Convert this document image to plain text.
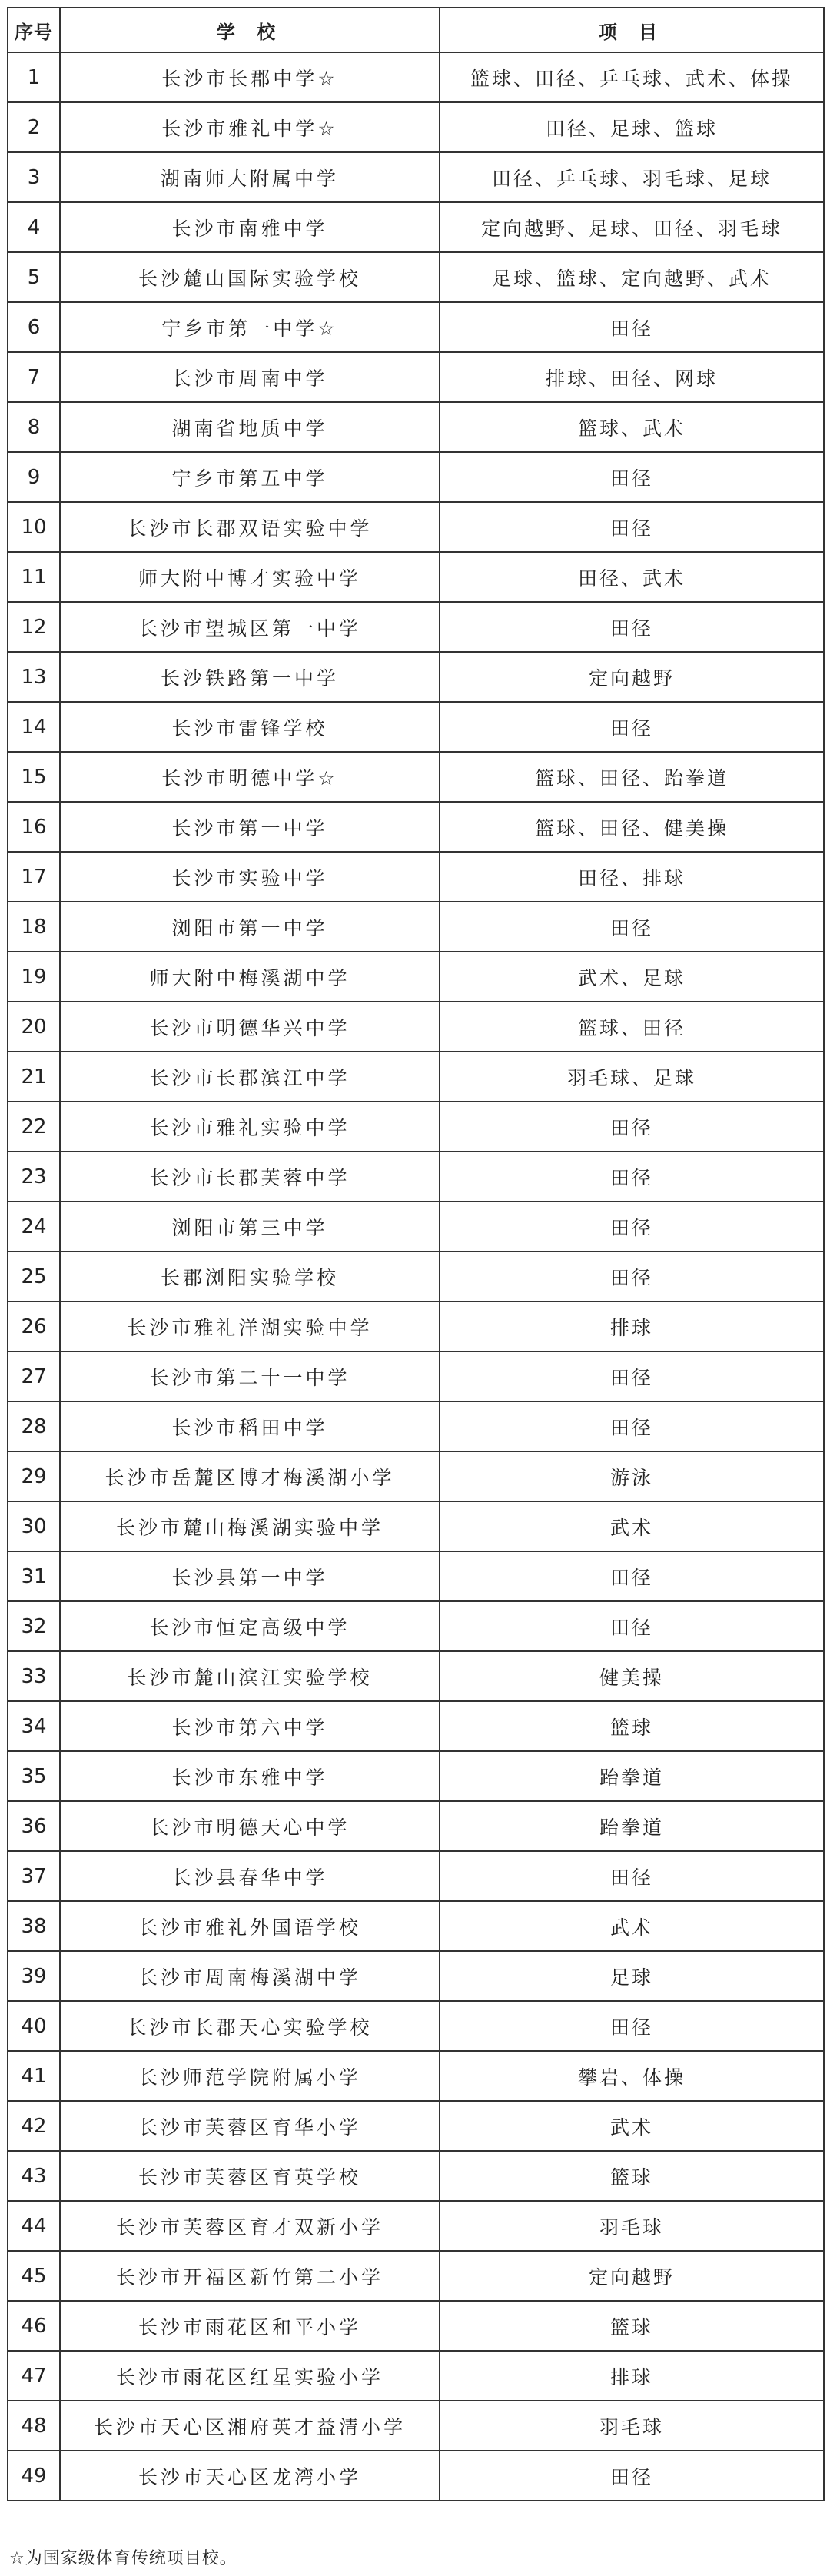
序号	学 校	项 目
1	长沙市长郡中学☆	篮球、田径、乒乓球、武术、体操
2	长沙市雅礼中学☆	田径、足球、篮球
3	湖南师大附属中学	田径、乒乓球、羽毛球、足球
4	长沙市南雅中学	定向越野、足球、田径、羽毛球
5	长沙麓山国际实验学校	足球、篮球、定向越野、武术
6	宁乡市第一中学☆	田径
7	长沙市周南中学	排球、田径、网球
8	湖南省地质中学	篮球、武术
9	宁乡市第五中学	田径
10	长沙市长郡双语实验中学	田径
11	师大附中博才实验中学	田径、武术
12	长沙市望城区第一中学	田径
13	长沙铁路第一中学	定向越野
14	长沙市雷锋学校	田径
15	长沙市明德中学☆	篮球、田径、跆拳道
16	长沙市第一中学	篮球、田径、健美操
17	长沙市实验中学	田径、排球
18	浏阳市第一中学	田径
19	师大附中梅溪湖中学	武术、足球
20	长沙市明德华兴中学	篮球、田径
21	长沙市长郡滨江中学	羽毛球、足球
22	长沙市雅礼实验中学	田径
23	长沙市长郡芙蓉中学	田径
24	浏阳市第三中学	田径
25	长郡浏阳实验学校	田径
26	长沙市雅礼洋湖实验中学	排球
27	长沙市第二十一中学	田径
28	长沙市稻田中学	田径
29	长沙市岳麓区博才梅溪湖小学	游泳
30	长沙市麓山梅溪湖实验中学	武术
31	长沙县第一中学	田径
32	长沙市恒定高级中学	田径
33	长沙市麓山滨江实验学校	健美操
34	长沙市第六中学	篮球
35	长沙市东雅中学	跆拳道
36	长沙市明德天心中学	跆拳道
37	长沙县春华中学	田径
38	长沙市雅礼外国语学校	武术
39	长沙市周南梅溪湖中学	足球
40	长沙市长郡天心实验学校	田径
41	长沙师范学院附属小学	攀岩、体操
42	长沙市芙蓉区育华小学	武术
43	长沙市芙蓉区育英学校	篮球
44	长沙市芙蓉区育才双新小学	羽毛球
45	长沙市开福区新竹第二小学	定向越野
46	长沙市雨花区和平小学	篮球
47	长沙市雨花区红星实验小学	排球
48	长沙市天心区湘府英才益清小学	羽毛球
49	长沙市天心区龙湾小学	田径
☆为国家级体育传统项目校。
